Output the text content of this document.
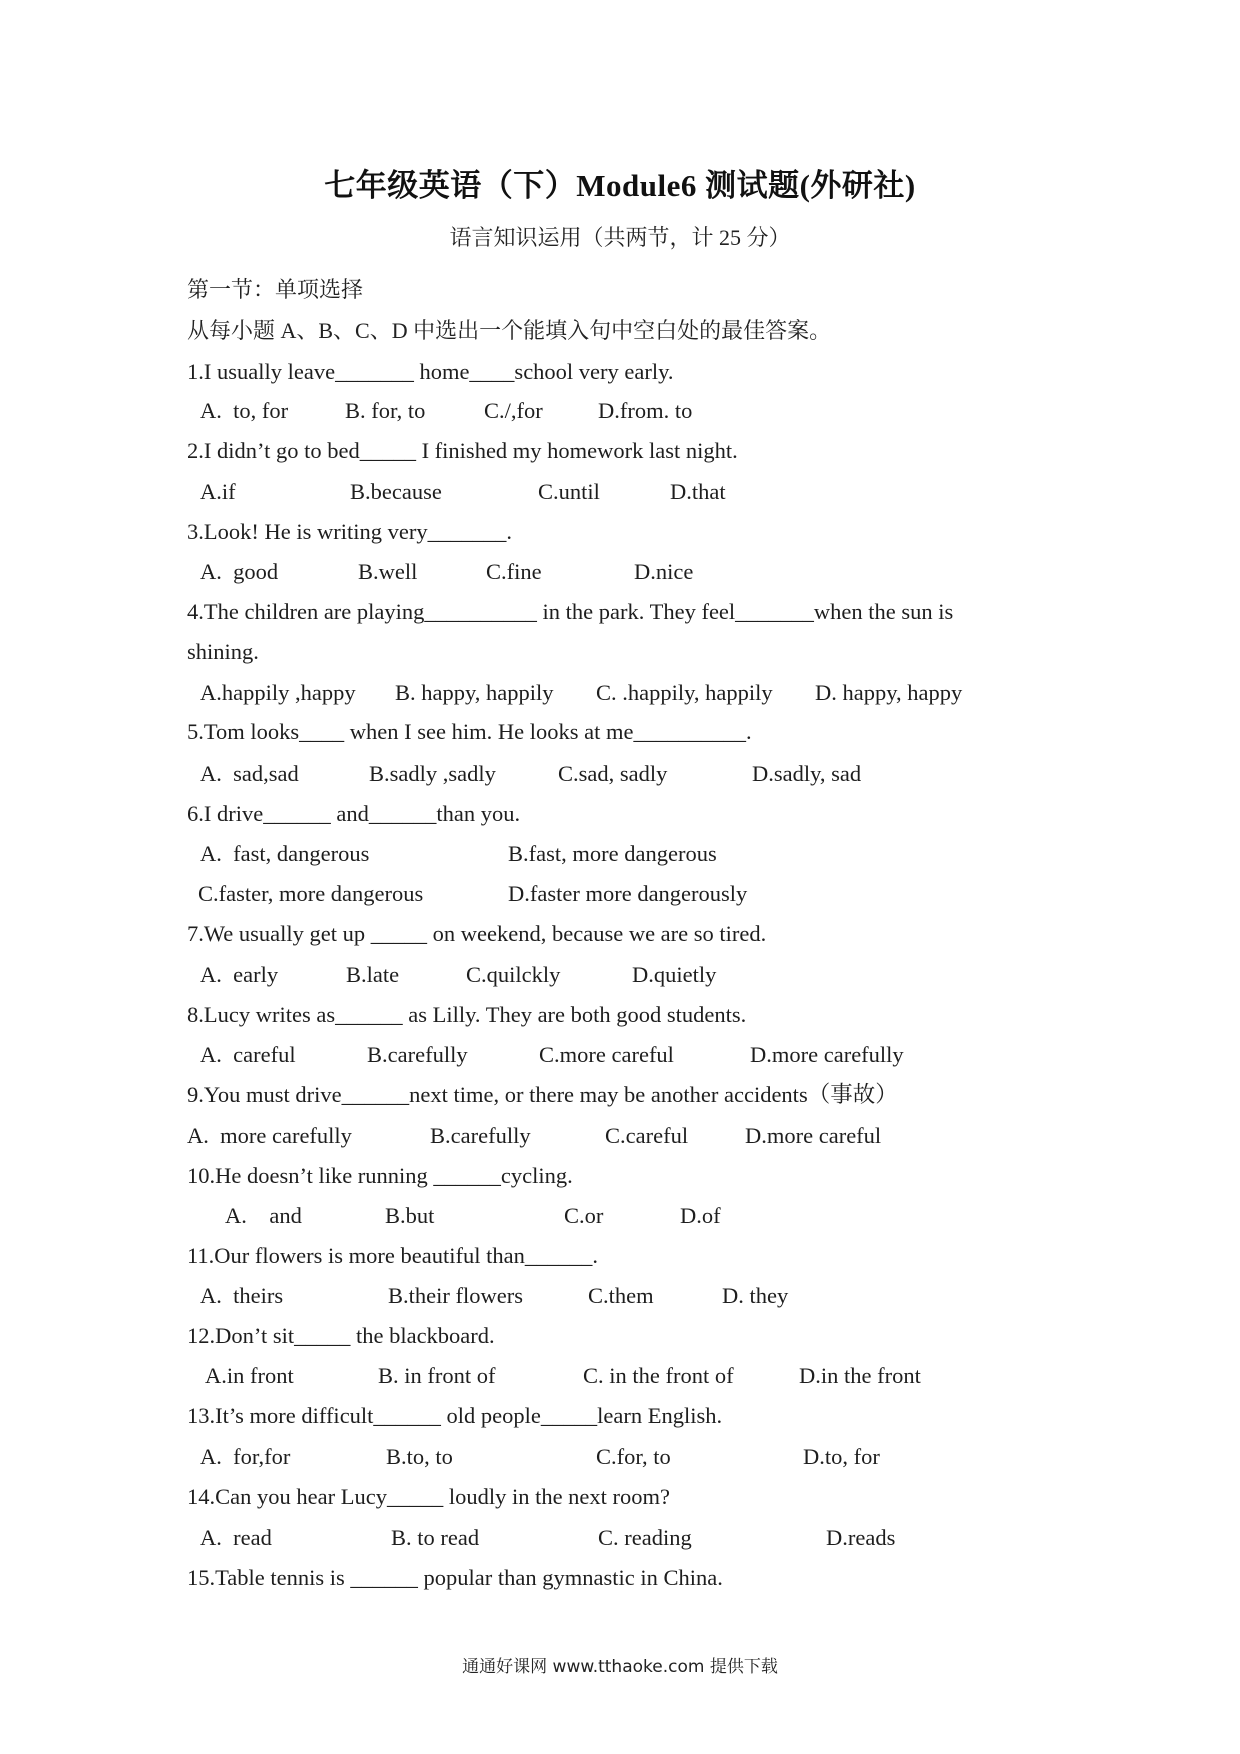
七年级英语（下）Module6 测试题(外研社)
语言知识运用（共两节，计 25 分）
第一节：单项选择
从每小题 A、B、C、D 中选出一个能填入句中空白处的最佳答案。
1.I usually leave_______ home____school very early.
A.  to, for	B. for, to	C./,for D.from. to
2.I didn’t go to bed_____ I finished my homework last night.
A.if	B.because	C.until	D.that
3.Look! He is writing very_______.
A.  good	B.well	C.fine	D.nice
4.The children are playing__________ in the park. They feel_______when the sun is
shining.
A.happily ,happy B. happy, happily C. .happily, happily D. happy, happy
5.Tom looks____ when I see him. He looks at me__________.
A.  sad,sad	B.sadly ,sadly	C.sad, sadly	D.sadly, sad
6.I drive______ and______than you.
A.  fast, dangerous	B.fast, more dangerous
C.faster, more dangerous	D.faster more dangerously
7.We usually get up _____ on weekend, because we are so tired.
A.  early	B.late	C.quilckly	D.quietly
8.Lucy writes as______ as Lilly. They are both good students.
A.  careful	B.carefully	C.more careful	D.more carefully
9.You must drive______next time, or there may be another accidents（事故）
A.  more carefully	B.carefully	C.careful	D.more careful
10.He doesn’t like running ______cycling.
A.    and	B.but	C.or	D.of
11.Our flowers is more beautiful than______.
A.  theirs	B.their flowers	C.them	D. they
12.Don’t sit_____ the blackboard.
A.in front	B. in front of	C. in the front of	D.in the front
13.It’s more difficult______ old people_____learn English.
A.  for,for	B.to, to	C.for, to	D.to, for
14.Can you hear Lucy_____ loudly in the next room?
A.  read	B. to read	C. reading	D.reads
15.Table tennis is ______ popular than gymnastic in China.
通通好课网 www.tthaoke.com 提供下载
